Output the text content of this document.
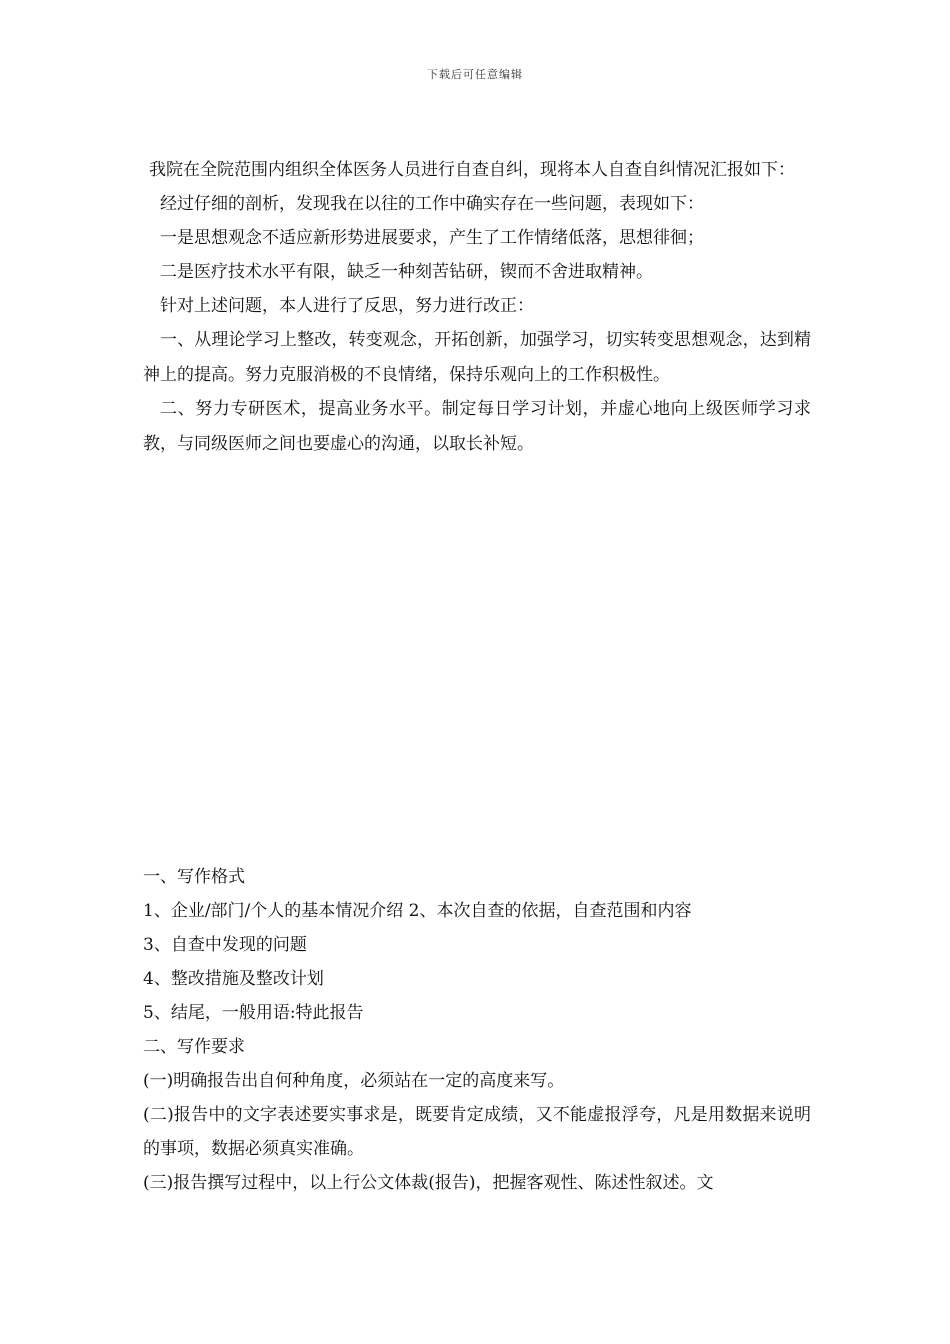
下载后可任意编辑

我院在全院范围内组织全体医务人员进行自查自纠，现将本人自查自纠情况汇报如下：

经过仔细的剖析，发现我在以往的工作中确实存在一些问题，表现如下：

一是思想观念不适应新形势进展要求，产生了工作情绪低落，思想徘徊；

二是医疗技术水平有限，缺乏一种刻苦钻研，锲而不舍进取精神。

针对上述问题，本人进行了反思，努力进行改正：

一、从理论学习上整改，转变观念，开拓创新，加强学习，切实转变思想观念，达到精神上的提高。努力克服消极的不良情绪，保持乐观向上的工作积极性。

二、努力专研医术，提高业务水平。制定每日学习计划，并虚心地向上级医师学习求教，与同级医师之间也要虚心的沟通，以取长补短。

一、写作格式

1、企业/部门/个人的基本情况介绍 2、本次自查的依据，自查范围和内容

3、自查中发现的问题

4、整改措施及整改计划

5、结尾，一般用语:特此报告

二、写作要求

(一)明确报告出自何种角度，必须站在一定的高度来写。

(二)报告中的文字表述要实事求是，既要肯定成绩，又不能虚报浮夸，凡是用数据来说明的事项，数据必须真实准确。

(三)报告撰写过程中，以上行公文体裁(报告)，把握客观性、陈述性叙述。文
